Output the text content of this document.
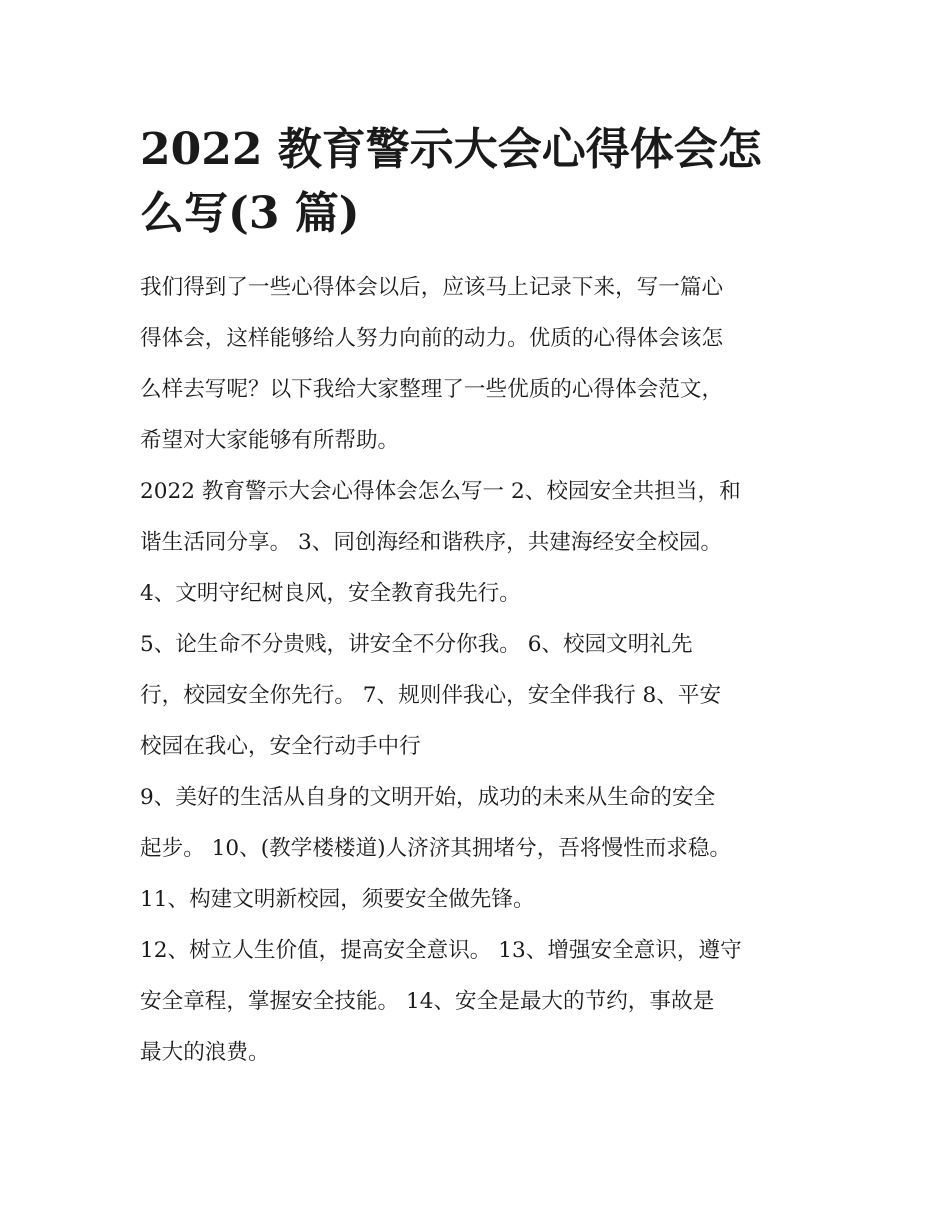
2022 教育警示大会心得体会怎
么写(3 篇)

我们得到了一些心得体会以后，应该马上记录下来，写一篇心
得体会，这样能够给人努力向前的动力。优质的心得体会该怎
么样去写呢？以下我给大家整理了一些优质的心得体会范文，
希望对大家能够有所帮助。

2022 教育警示大会心得体会怎么写一 2、校园安全共担当，和
谐生活同分享。 3、同创海经和谐秩序，共建海经安全校园。

4、文明守纪树良风，安全教育我先行。

5、论生命不分贵贱，讲安全不分你我。 6、校园文明礼先
行，校园安全你先行。 7、规则伴我心，安全伴我行 8、平安
校园在我心，安全行动手中行

9、美好的生活从自身的文明开始，成功的未来从生命的安全
起步。 10、(教学楼楼道)人济济其拥堵兮，吾将慢性而求稳。

11、构建文明新校园，须要安全做先锋。

12、树立人生价值，提高安全意识。 13、增强安全意识，遵守
安全章程，掌握安全技能。 14、安全是最大的节约，事故是
最大的浪费。
